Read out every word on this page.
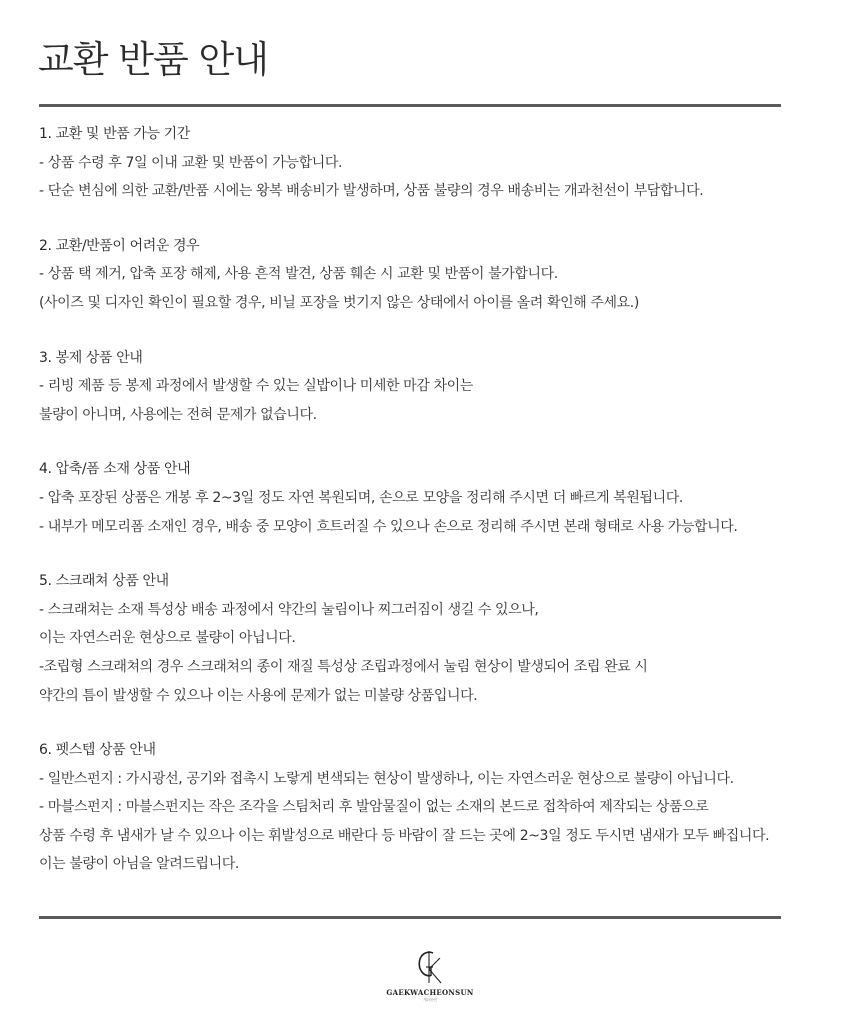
교환 반품 안내
1. 교환 및 반품 가능 기간
- 상품 수령 후 7일 이내 교환 및 반품이 가능합니다.
- 단순 변심에 의한 교환/반품 시에는 왕복 배송비가 발생하며, 상품 불량의 경우 배송비는 개과천선이 부담합니다.
2. 교환/반품이 어려운 경우
- 상품 택 제거, 압축 포장 해제, 사용 흔적 발견, 상품 훼손 시 교환 및 반품이 불가합니다.
(사이즈 및 디자인 확인이 필요할 경우, 비닐 포장을 벗기지 않은 상태에서 아이를 올려 확인해 주세요.)
3. 봉제 상품 안내
- 리빙 제품 등 봉제 과정에서 발생할 수 있는 실밥이나 미세한 마감 차이는
불량이 아니며, 사용에는 전혀 문제가 없습니다.
4. 압축/폼 소재 상품 안내
- 압축 포장된 상품은 개봉 후 2~3일 정도 자연 복원되며, 손으로 모양을 정리해 주시면 더 빠르게 복원됩니다.
- 내부가 메모리폼 소재인 경우, 배송 중 모양이 흐트러질 수 있으나 손으로 정리해 주시면 본래 형태로 사용 가능합니다.
5. 스크래쳐 상품 안내
- 스크래쳐는 소재 특성상 배송 과정에서 약간의 눌림이나 찌그러짐이 생길 수 있으나,
이는 자연스러운 현상으로 불량이 아닙니다.
-조립형 스크래쳐의 경우 스크래쳐의 종이 재질 특성상 조립과정에서 눌림 현상이 발생되어 조립 완료 시
약간의 틈이 발생할 수 있으나 이는 사용에 문제가 없는 미불량 상품입니다.
6. 펫스텝 상품 안내
- 일반스펀지 : 가시광선, 공기와 접촉시 노랗게 변색되는 현상이 발생하나, 이는 자연스러운 현상으로 불량이 아닙니다.
- 마블스펀지 : 마블스펀지는 작은 조각을 스팀처리 후 발암물질이 없는 소재의 본드로 접착하여 제작되는 상품으로
상품 수령 후 냄새가 날 수 있으나 이는 휘발성으로 배란다 등 바람이 잘 드는 곳에 2~3일 정도 두시면 냄새가 모두 빠집니다.
이는 불량이 아님을 알려드립니다.
GAEKWACHEONSUN
개과천선
